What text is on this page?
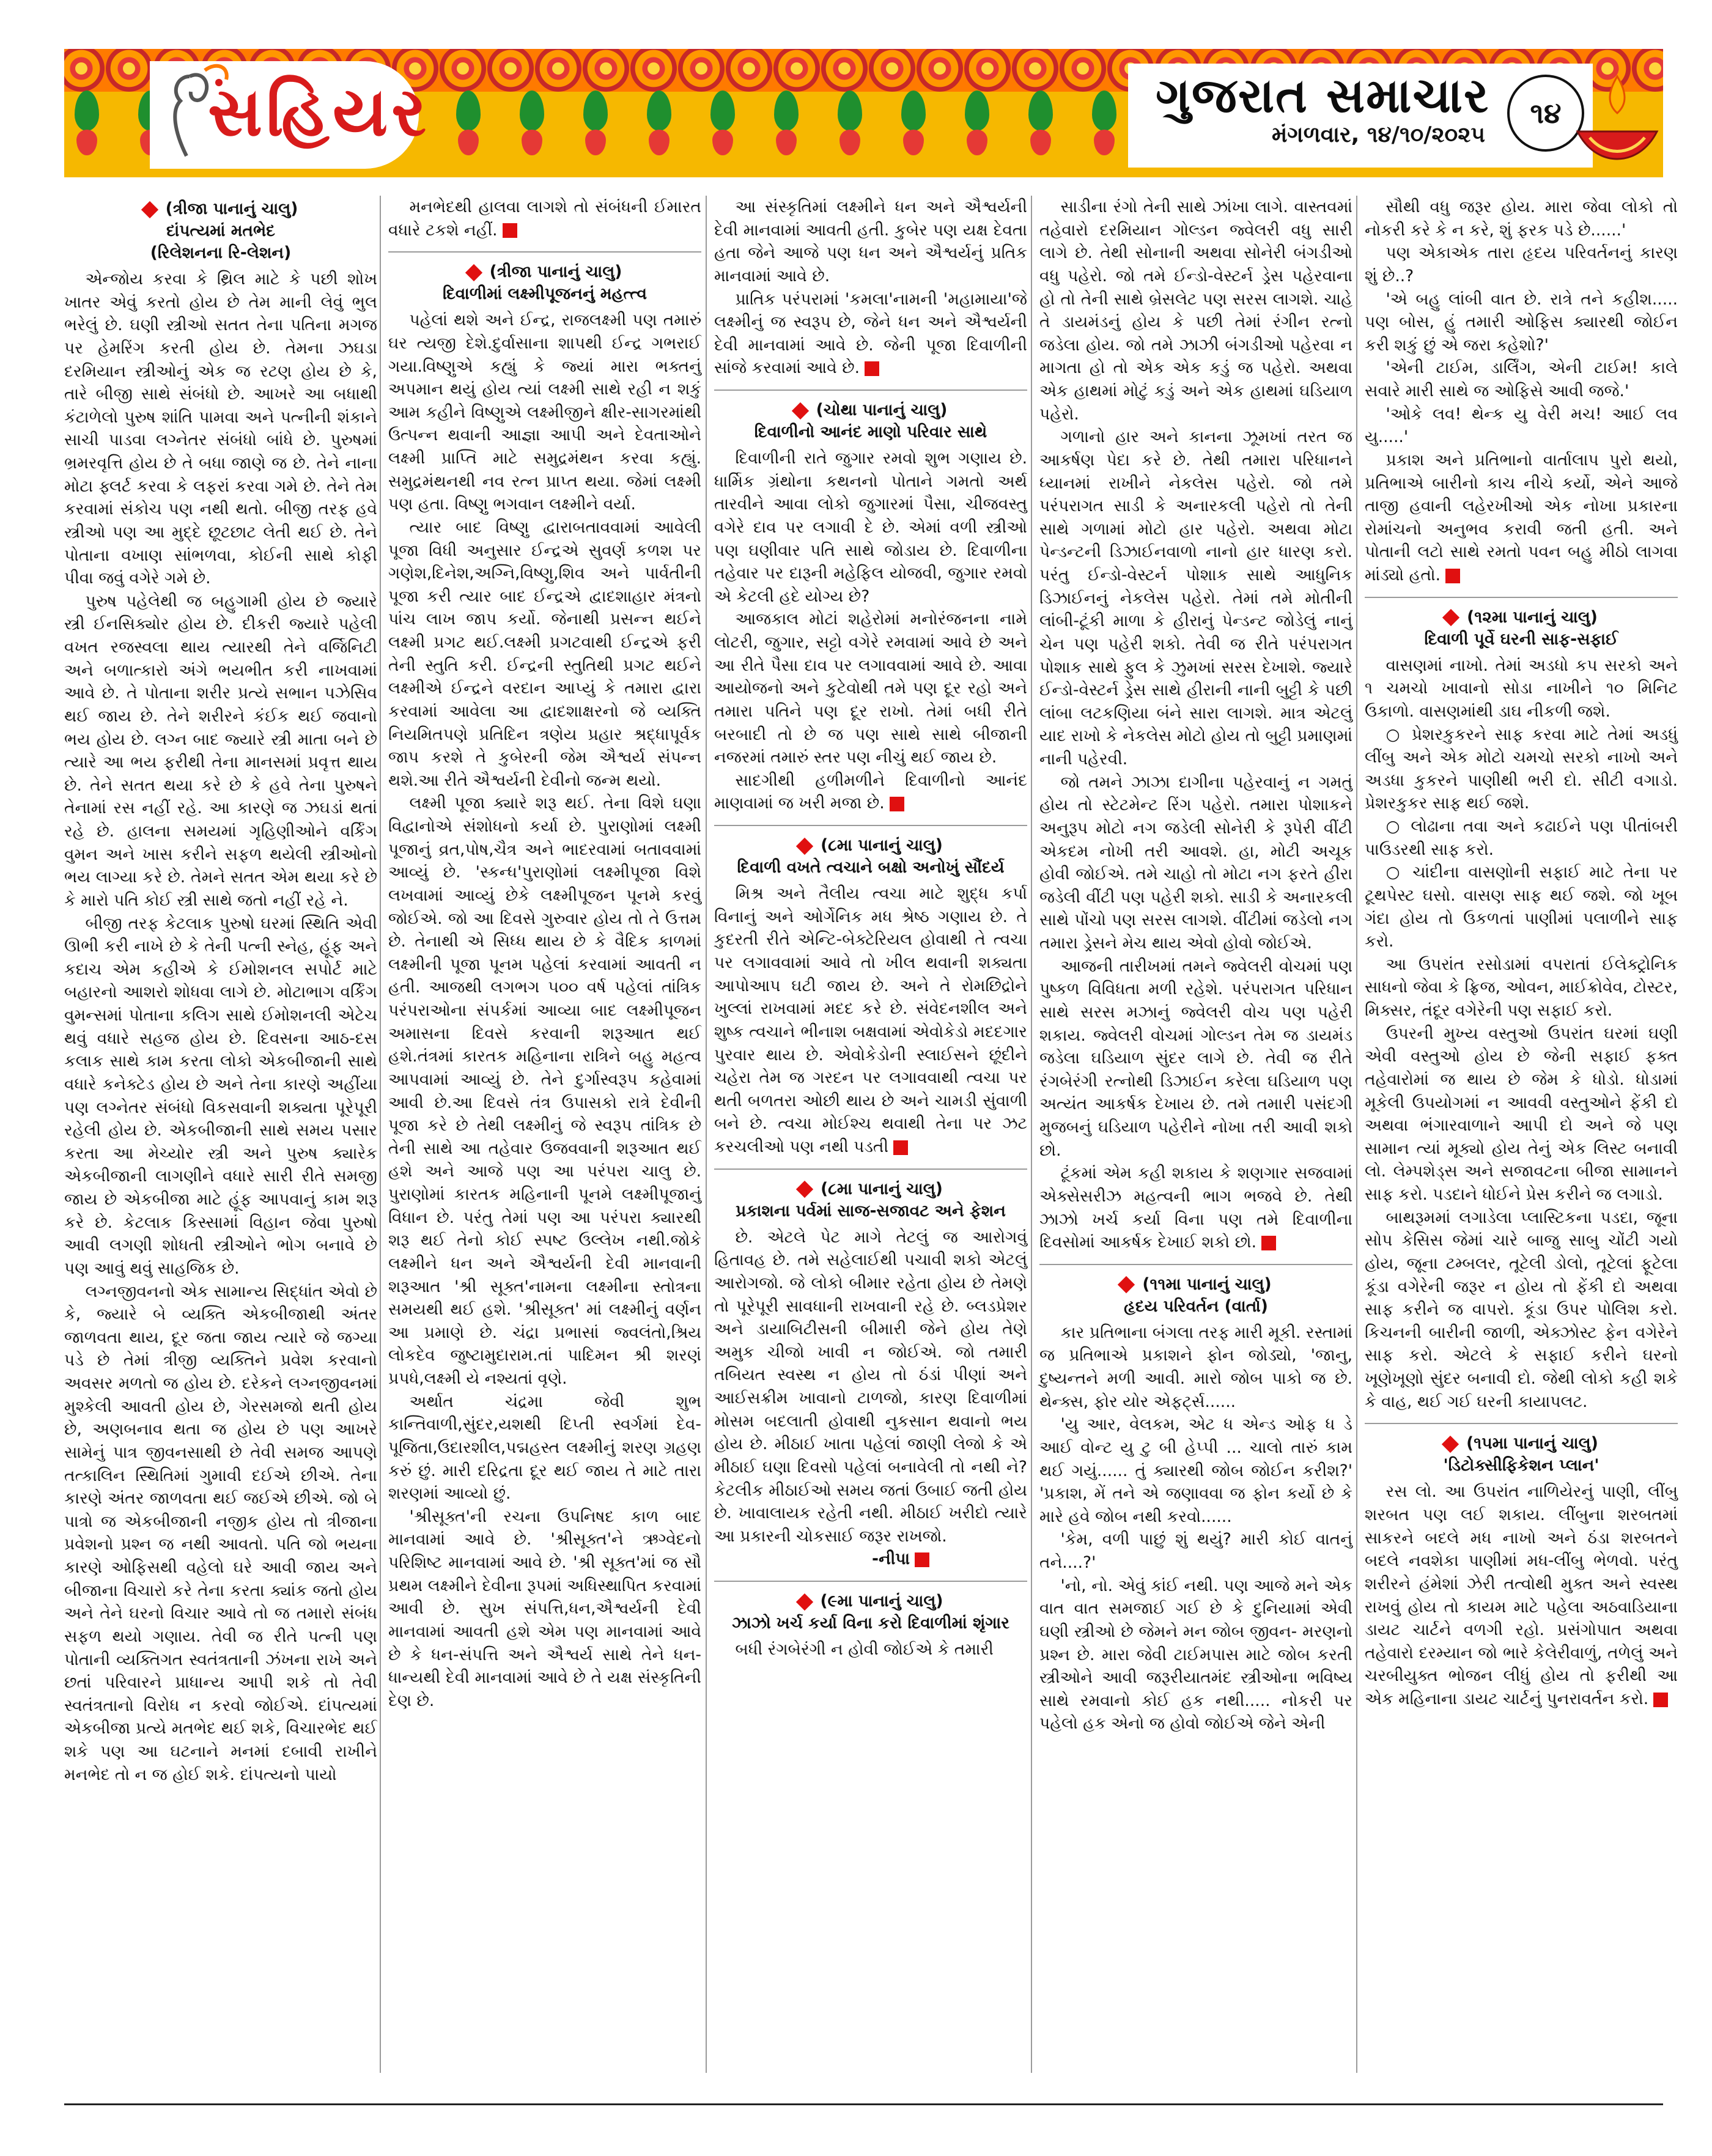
સહિયર	ગુજરાત સમાચાર
મંગળવાર, ૧૪/૧૦/૨૦૨૫
૧૪
(ત્રીજા પાનાનું ચાલુ)
દાંપત્યમાં મતભેદ
(રિલેશનના રિ-લેશન)

એન્જોય કરવા કે થ્રિલ માટે કે પછી શોખ ખાતર એવું કરતો હોય છે તેમ માની લેવું ભુલ ભરેલું છે. ઘણી સ્ત્રીઓ સતત તેના પતિના મગજ પર હેમરિંગ કરતી હોય છે. તેમના ઝઘડા દરમિયાન સ્ત્રીઓનું એક જ રટણ હોય છે કે, તારે બીજી સાથે સંબંધો છે. આખરે આ બધાથી કંટાળેલો પુરુષ શાંતિ પામવા અને પત્નીની શંકાને સાચી પાડવા લગ્નેતર સંબંધો બાંધે છે. પુરુષમાં ભ્રમરવૃત્તિ હોય છે તે બધા જાણે જ છે. તેને નાના મોટા ફ્લર્ટ કરવા કે લફરાં કરવા ગમે છે. તેને તેમ કરવામાં સંકોચ પણ નથી થતો. બીજી તરફ હવે સ્ત્રીઓ પણ આ મુદ્દે છૂટછાટ લેતી થઈ છે. તેને પોતાના વખાણ સાંભળવા, કોઈની સાથે કોફી પીવા જવું વગેરે ગમે છે.

પુરુષ પહેલેથી જ બહુગામી હોય છે જ્યારે સ્ત્રી ઈનસિક્યોર હોય છે. દીકરી જ્યારે પહેલી વખત રજસ્વલા થાય ત્યારથી તેને વર્જિનિટી અને બળાત્કારો અંગે ભયભીત કરી નાખવામાં આવે છે. તે પોતાના શરીર પ્રત્યે સભાન પઝેસિવ થઈ જાય છે. તેને શરીરને કંઈક થઈ જવાનો ભય હોય છે. લગ્ન બાદ જ્યારે સ્ત્રી માતા બને છે ત્યારે આ ભય ફરીથી તેના માનસમાં પ્રવૃત્ત થાય છે. તેને સતત થયા કરે છે કે હવે તેના પુરુષને તેનામાં રસ નહીં રહે. આ કારણે જ ઝઘડાં થતાં રહે છે. હાલના સમયમાં ગૃહિણીઓને વર્કિંગ વુમન અને ખાસ કરીને સફળ થયેલી સ્ત્રીઓનો ભય લાગ્યા કરે છે. તેમને સતત એમ થયા કરે છે કે મારો પતિ કોઈ સ્ત્રી સાથે જતો નહીં રહે ને.

બીજી તરફ કેટલાક પુરુષો ઘરમાં સ્થિતિ એવી ઊભી કરી નાખે છે કે તેની પત્ની સ્નેહ, હૂંફ અને કદાચ એમ કહીએ કે ઈમોશનલ સપોર્ટ માટે બહારનો આશરો શોધવા લાગે છે. મોટાભાગ વર્કિંગ વુમન્સમાં પોતાના કલિગ સાથે ઈમોશનલી એટેચ થવું વધારે સહજ હોય છે. દિવસના આઠ-દસ કલાક સાથે કામ કરતા લોકો એકબીજાની સાથે વધારે કનેક્ટેડ હોય છે અને તેના કારણે અહીંયા પણ લગ્નેતર સંબંધો વિકસવાની શક્યતા પૂરેપૂરી રહેલી હોય છે. એકબીજાની સાથે સમય પસાર કરતા આ મેચ્યોર સ્ત્રી અને પુરુષ ક્યારેક એકબીજાની લાગણીને વધારે સારી રીતે સમજી જાય છે એકબીજા માટે હૂંફ આપવાનું કામ શરૂ કરે છે. કેટલાક કિસ્સામાં વિહાન જેવા પુરુષો આવી લગણી શોધતી સ્ત્રીઓને ભોગ બનાવે છે પણ આવું થવું સાહજિક છે.

લગ્નજીવનનો એક સામાન્ય સિદ્ધાંત એવો છે કે, જ્યારે બે વ્યક્તિ એકબીજાથી અંતર જાળવતા થાય, દૂર જતા જાય ત્યારે જે જગ્યા પડે છે તેમાં ત્રીજી વ્યક્તિને પ્રવેશ કરવાનો અવસર મળતો જ હોય છે. દરેકને લગ્નજીવનમાં મુશ્કેલી આવતી હોય છે, ગેરસમજો થતી હોય છે, અણબનાવ થતા જ હોય છે પણ આખરે સામેનું પાત્ર જીવનસાથી છે તેવી સમજ આપણે તત્કાલિન સ્થિતિમાં ગુમાવી દઈએ છીએ. તેના કારણે અંતર જાળવતા થઈ જઈએ છીએ. જો બે પાત્રો જ એકબીજાની નજીક હોય તો ત્રીજાના પ્રવેશનો પ્રશ્ન જ નથી આવતો. પતિ જો ભયના કારણે ઓફિસથી વહેલો ઘરે આવી જાય અને બીજાના વિચારો કરે તેના કરતા ક્યાંક જતો હોય અને તેને ઘરનો વિચાર આવે તો જ તમારો સંબંધ સફળ થયો ગણાય. તેવી જ રીતે પત્ની પણ પોતાની વ્યક્તિગત સ્વતંત્રતાની ઝંખના રાખે અને છતાં પરિવારને પ્રાધાન્ય આપી શકે તો તેવી સ્વતંત્રતાનો વિરોધ ન કરવો જોઈએ. દાંપત્યમાં એકબીજા પ્રત્યે મતભેદ થઈ શકે, વિચારભેદ થઈ શકે પણ આ ઘટનાને મનમાં દબાવી રાખીને મનભેદ તો ન જ હોઈ શકે. દાંપત્યનો પાયો

મનભેદથી હાલવા લાગશે તો સંબંધની ઈમારત વધારે ટકશે નહીં.

(ત્રીજા પાનાનું ચાલુ)
દિવાળીમાં લક્ષ્મીપૂજનનું મહત્ત્વ

પહેલાં થશે અને ઈન્દ્ર, રાજલક્ષ્મી પણ તમારું ઘર ત્યજી દેશે.દુર્વાસાના શાપથી ઈન્દ્ર ગભરાઈ ગયા.વિષ્ણુએ કહ્યું કે જ્યાં મારા ભક્તનું અપમાન થયું હોય ત્યાં લક્ષ્મી સાથે રહી ન શકું આમ કહીને વિષ્ણુએ લક્ષ્મીજીને ક્ષીર-સાગરમાંથી ઉત્પન્ન થવાની આજ્ઞા આપી અને દેવતાઓને લક્ષ્મી પ્રાપ્તિ માટે સમુદ્રમંથન કરવા કહ્યું. સમુદ્રમંથનથી નવ રત્ન પ્રાપ્ત થયા. જેમાં લક્ષ્મી પણ હતા. વિષ્ણુ ભગવાન લક્ષ્મીને વર્યા.

ત્યાર બાદ વિષ્ણુ દ્વારાબતાવવામાં આવેલી પૂજા વિધી અનુસાર ઈન્દ્રએ સુવર્ણ કળશ પર ગણેશ,દિનેશ,અગ્નિ,વિષ્ણુ,શિવ અને પાર્વતીની પૂજા કરી ત્યાર બાદ ઈન્દ્રએ દ્વાદશાહાર મંત્રનો પાંચ લાખ જાપ કર્યો. જેનાથી પ્રસન્ન થઈને લક્ષ્મી પ્રગટ થઈ.લક્ષ્મી પ્રગટવાથી ઈન્દ્રએ ફરી તેની સ્તુતિ કરી. ઈન્દ્રની સ્તુતિથી પ્રગટ થઈને લક્ષ્મીએ ઈન્દ્રને વરદાન આપ્યું કે તમારા દ્વારા કરવામાં આવેલા આ દ્વાદશાક્ષરનો જે વ્યક્તિ નિયમિતપણે પ્રતિદિન ત્રણેય પ્રહાર શ્રદ્ધાપૂર્વક જાપ કરશે તે કુબેરની જેમ ઐશ્વર્ય સંપન્ન થશે.આ રીતે ઐશ્વર્યની દેવીનો જન્મ થયો.

લક્ષ્મી પૂજા ક્યારે શરૂ થઈ. તેના વિશે ઘણા વિદ્વાનોએ સંશોધનો કર્યા છે. પુરાણોમાં લક્ષ્મી પૂજાનું વ્રત,પોષ,ચૈત્ર અને ભાદરવામાં બતાવવામાં આવ્યું છે. 'સ્કન્ધ'પુરાણોમાં લક્ષ્મીપૂજા વિશે લખવામાં આવ્યું છેકે લક્ષ્મીપૂજન પૂનમે કરવું જોઈએ. જો આ દિવસે ગુરુવાર હોય તો તે ઉત્તમ છે. તેનાથી એ સિધ્ધ થાય છે કે વૈદિક કાળમાં લક્ષ્મીની પૂજા પૂનમ પહેલાં કરવામાં આવતી ન હતી. આજથી લગભગ ૫૦૦ વર્ષ પહેલાં તાંત્રિક પરંપરાઓના સંપર્કમાં આવ્યા બાદ લક્ષ્મીપૂજન અમાસના દિવસે કરવાની શરૂઆત થઈ હશે.તંત્રમાં કારતક મહિનાના રાત્રિને બહુ મહત્વ આપવામાં આવ્યું છે. તેને દુર્ગાસ્વરૂપ કહેવામાં આવી છે.આ દિવસે તંત્ર ઉપાસકો રાત્રે દેવીની પૂજા કરે છે તેથી લક્ષ્મીનું જે સ્વરૂપ તાંત્રિક છે તેની સાથે આ તહેવાર ઉજવવાની શરૂઆત થઈ હશે અને આજે પણ આ પરંપરા ચાલુ છે. પુરાણોમાં કારતક મહિનાની પૂનમે લક્ષ્મીપૂજાનું વિધાન છે. પરંતુ તેમાં પણ આ પરંપરા ક્યારથી શરૂ થઈ તેનો કોઈ સ્પષ્ટ ઉલ્લેખ નથી.જોકે લક્ષ્મીને ધન અને ઐશ્વર્યની દેવી માનવાની શરૂઆત 'શ્રી સૂક્ત'નામના લક્ષ્મીના સ્તોત્રના સમયથી થઈ હશે. 'શ્રીસૂક્ત' માં લક્ષ્મીનું વર્ણન આ પ્રમાણે છે. ચંદ્રા પ્રભાસાં જ્વલંતો,શ્રિય લોકદેવ જુષ્ટામુદારામ.તાં પાદિમન શ્રી શરણં પ્રપધે,લક્ષ્મી યે નશ્યતાં વૃણે.

અર્થાત ચંદ્રમા જેવી શુભ કાન્તિવાળી,સુંદર,યશથી દિપ્તી સ્વર્ગમાં દેવ-પૂજિતા,ઉદારશીલ,પદ્મહસ્ત લક્ષ્મીનું શરણ ગ્રહણ કરું છું. મારી દરિદ્રતા દૂર થઈ જાય તે માટે તારા શરણમાં આવ્યો છું.

'શ્રીસૂક્ત'ની રચના ઉપનિષદ કાળ બાદ માનવામાં આવે છે. 'શ્રીસૂક્ત'ને ઋગ્વેદનો પરિશિષ્ટ માનવામાં આવે છે. 'શ્રી સૂક્ત'માં જ સૌ પ્રથમ લક્ષ્મીને દેવીના રૂપમાં અધિસ્થાપિત કરવામાં આવી છે. સુખ સંપત્તિ,ધન,ઐશ્વર્યની દેવી માનવામાં આવતી હશે એમ પણ માનવામાં આવે છે કે ધન-સંપત્તિ અને ઐશ્વર્ય સાથે તેને ધન-ધાન્યથી દેવી માનવામાં આવે છે તે યક્ષ સંસ્કૃતિની દેણ છે.

આ સંસ્કૃતિમાં લક્ષ્મીને ધન અને ઐશ્વર્યની દેવી માનવામાં આવતી હતી. કુબેર પણ યક્ષ દેવતા હતા જેને આજે પણ ધન અને ઐશ્વર્યનું પ્રતિક માનવામાં આવે છે.

પ્રાતિક પરંપરામાં 'કમલા'નામની 'મહામાયા'જે લક્ષ્મીનું જ સ્વરૂપ છે, જેને ધન અને ઐશ્વર્યની દેવી માનવામાં આવે છે. જેની પૂજા દિવાળીની સાંજે કરવામાં આવે છે.

(ચોથા પાનાનું ચાલુ)
દિવાળીનો આનંદ માણો પરિવાર સાથે

દિવાળીની રાતે જુગાર રમવો શુભ ગણાય છે. ધાર્મિક ગ્રંથોના કથનનો પોતાને ગમતો અર્થ તારવીને આવા લોકો જુગારમાં પૈસા, ચીજવસ્તુ વગેરે દાવ પર લગાવી દે છે. એમાં વળી સ્ત્રીઓ પણ ઘણીવાર પતિ સાથે જોડાય છે. દિવાળીના તહેવાર પર દારૂની મહેફિલ યોજવી, જુગાર રમવો એ કેટલી હદે યોગ્ય છે?

આજકાલ મોટાં શહેરોમાં મનોરંજનના નામે લોટરી, જુગાર, સટ્ટો વગેરે રમવામાં આવે છે અને આ રીતે પૈસા દાવ પર લગાવવામાં આવે છે. આવા આયોજનો અને કુટેવોથી તમે પણ દૂર રહો અને તમારા પતિને પણ દૂર રાખો. તેમાં બધી રીતે બરબાદી તો છે જ પણ સાથે સાથે બીજાની નજરમાં તમારું સ્તર પણ નીચું થઈ જાય છે.

સાદગીથી હળીમળીને દિવાળીનો આનંદ માણવામાં જ ખરી મજા છે.

(૮મા પાનાનું ચાલુ)
દિવાળી વખતે ત્વચાને બક્ષો અનોખું સૌંદર્ય

મિશ્ર અને તૈલીય ત્વચા માટે શુદ્ધ કર્પા વિનાનું અને ઓર્ગેનિક મધ શ્રેષ્ઠ ગણાય છે. તે કુદરતી રીતે એન્ટિ-બેક્ટેરિયલ હોવાથી તે ત્વચા પર લગાવવામાં આવે તો ખીલ થવાની શક્યતા આપોઆપ ઘટી જાય છે. અને તે રોમછિદ્રોને ખુલ્લાં રાખવામાં મદદ કરે છે. સંવેદનશીલ અને શુષ્ક ત્વચાને ભીનાશ બક્ષવામાં એવોકેડો મદદગાર પુરવાર થાય છે. એવોકેડોની સ્લાઈસને છૂંદીને ચહેરા તેમ જ ગરદન પર લગાવવાથી ત્વચા પર થતી બળતરા ઓછી થાય છે અને ચામડી સુંવાળી બને છે. ત્વચા મોઈશ્ચ થવાથી તેના પર ઝટ કરચલીઓ પણ નથી પડતી

(૮મા પાનાનું ચાલુ)
પ્રકાશના પર્વમાં સાજ-સજાવટ અને ફેશન

છે. એટલે પેટ માગે તેટલું જ આરોગવું હિતાવહ છે. તમે સહેલાઈથી પચાવી શકો એટલું આરોગજો. જે લોકો બીમાર રહેતા હોય છે તેમણે તો પૂરેપૂરી સાવધાની રાખવાની રહે છે. બ્લડપ્રેશર અને ડાયાબિટીસની બીમારી જેને હોય તેણે અમુક ચીજો ખાવી ન જોઈએ. જો તમારી તબિયત સ્વસ્થ ન હોય તો ઠંડાં પીણાં અને આઈસક્રીમ ખાવાનો ટાળજો, કારણ દિવાળીમાં મોસમ બદલાતી હોવાથી નુકસાન થવાનો ભય હોય છે. મીઠાઈ ખાતા પહેલાં જાણી લેજો કે એ મીઠાઈ ઘણા દિવસો પહેલાં બનાવેલી તો નથી ને? કેટલીક મીઠાઈઓ સમય જતાં ઉબાઈ જતી હોય છે. ખાવાલાયક રહેતી નથી. મીઠાઈ ખરીદો ત્યારે આ પ્રકારની ચોકસાઈ જરૂર રાખજો.

-નીપા
(૯મા પાનાનું ચાલુ)
ઝાઝો ખર્ચ કર્યા વિના કરો દિવાળીમાં શૃંગાર

બધી રંગબેરંગી ન હોવી જોઈએ કે તમારી

સાડીના રંગો તેની સાથે ઝાંખા લાગે. વાસ્તવમાં તહેવારો દરમિયાન ગોલ્ડન જ્વેલરી વધુ સારી લાગે છે. તેથી સોનાની અથવા સોનેરી બંગડીઓ વધુ પહેરો. જો તમે ઈન્ડો-વેસ્ટર્ન ડ્રેસ પહેરવાના હો તો તેની સાથે બ્રેસલેટ પણ સરસ લાગશે. ચાહે તે ડાયમંડનું હોય કે પછી તેમાં રંગીન રત્નો જડેલા હોય. જો તમે ઝાઝી બંગડીઓ પહેરવા ન માગતા હો તો એક એક કડું જ પહેરો. અથવા એક હાથમાં મોટું કડું અને એક હાથમાં ઘડિયાળ પહેરો.

ગળાનો હાર અને કાનના ઝૂમખાં તરત જ આકર્ષણ પેદા કરે છે. તેથી તમારા પરિધાનને ધ્યાનમાં રાખીને નેકલેસ પહેરો. જો તમે પરંપરાગત સાડી કે અનારકલી પહેરો તો તેની સાથે ગળામાં મોટો હાર પહેરો. અથવા મોટા પેન્ડન્ટની ડિઝાઈનવાળો નાનો હાર ધારણ કરો. પરંતુ ઈન્ડો-વેસ્ટર્ન પોશાક સાથે આધુનિક ડિઝાઈનનું નેકલેસ પહેરો. તેમાં તમે મોતીની લાંબી-ટૂંકી માળા કે હીરાનું પેન્ડન્ટ જોડેલું નાનું ચેન પણ પહેરી શકો. તેવી જ રીતે પરંપરાગત પોશાક સાથે ફુલ કે ઝુમખાં સરસ દેખાશે. જ્યારે ઈન્ડો-વેસ્ટર્ન ડ્રેસ સાથે હીરાની નાની બુટ્ટી કે પછી લાંબા લટકણિયા બંને સારા લાગશે. માત્ર એટલું યાદ રાખો કે નેકલેસ મોટો હોય તો બુટ્ટી પ્રમાણમાં નાની પહેરવી.

જો તમને ઝાઝા દાગીના પહેરવાનું ન ગમતું હોય તો સ્ટેટમેન્ટ રિંગ પહેરો. તમારા પોશાકને અનુરૂપ મોટો નગ જડેલી સોનેરી કે રૂપેરી વીંટી એકદમ નોખી તરી આવશે. હા, મોટી અચૂક હોવી જોઈએ. તમે ચાહો તો મોટા નગ ફરતે હીરા જડેલી વીંટી પણ પહેરી શકો. સાડી કે અનારકલી સાથે પોંચો પણ સરસ લાગશે. વીંટીમાં જડેલો નગ તમારા ડ્રેસને મેચ થાય એવો હોવો જોઈએ.

આજની તારીખમાં તમને જ્વેલરી વોચમાં પણ પુષ્કળ વિવિધતા મળી રહેશે. પરંપરાગત પરિધાન સાથે સરસ મઝાનું જ્વેલરી વોચ પણ પહેરી શકાય. જ્વેલરી વોચમાં ગોલ્ડન તેમ જ ડાયમંડ જડેલા ઘડિયાળ સુંદર લાગે છે. તેવી જ રીતે રંગબેરંગી રત્નોથી ડિઝાઈન કરેલા ઘડિયાળ પણ અત્યંત આકર્ષક દેખાય છે. તમે તમારી પસંદગી મુજબનું ઘડિયાળ પહેરીને નોખા તરી આવી શકો છો.

ટૂંકમાં એમ કહી શકાય કે શણગાર સજવામાં એક્સેસરીઝ મહત્વની ભાગ ભજવે છે. તેથી ઝાઝો ખર્ચ કર્યા વિના પણ તમે દિવાળીના દિવસોમાં આકર્ષક દેખાઈ શકો છો.

(૧૧મા પાનાનું ચાલુ)
હૃદય પરિવર્તન (વાર્તા)

કાર પ્રતિભાના બંગલા તરફ મારી મૂકી. રસ્તામાં જ પ્રતિભાએ પ્રકાશને ફોન જોડ્યો, 'જાનુ, દુષ્યન્તને મળી આવી. મારો જોબ પાકો જ છે. થેન્ક્સ, ફોર યોર એફર્ટ્સ......

'યુ આર, વેલકમ, એટ ધ એન્ડ ઓફ ધ ડે આઈ વોન્ટ યુ ટુ બી હેપ્પી ... ચાલો તારું કામ થઈ ગયું...... તું ક્યારથી જોબ જોઈન કરીશ?' 'પ્રકાશ, મેં તને એ જણાવવા જ ફોન કર્યો છે કે મારે હવે જોબ નથી કરવો......

'કેમ, વળી પાછું શું થયું? મારી કોઈ વાતનું તને....?'

'નો, નો. એવું કાંઈ નથી. પણ આજે મને એક વાત વાત સમજાઈ ગઈ છે કે દુનિયામાં એવી ઘણી સ્ત્રીઓ છે જેમને મન જોબ જીવન- મરણનો પ્રશ્ન છે. મારા જેવી ટાઈમપાસ માટે જોબ કરતી સ્ત્રીઓને આવી જરૂરીયાતમંદ સ્ત્રીઓના ભવિષ્ય સાથે રમવાનો કોઈ હક નથી..... નોકરી પર પહેલો હક એનો જ હોવો જોઈએ જેને એની

સૌથી વધુ જરૂર હોય. મારા જેવા લોકો તો નોકરી કરે કે ન કરે, શું ફરક પડે છે......'

પણ એકાએક તારા હૃદય પરિવર્તનનું કારણ શું છે..?

'એ બહુ લાંબી વાત છે. રાત્રે તને કહીશ..... પણ બોસ, હું તમારી ઓફિસ ક્યારથી જોઈન કરી શકું છું એ જરા કહેશો?'

'એની ટાઈમ, ડાર્લિંગ, એની ટાઈમ! કાલે સવારે મારી સાથે જ ઓફિસે આવી જજે.'

'ઓકે લવ! થેન્ક યુ વેરી મચ! આઈ લવ યુ.....'

પ્રકાશ અને પ્રતિભાનો વાર્તાલાપ પુરો થયો, પ્રતિભાએ બારીનો કાચ નીચે કર્યો, એને આજે તાજી હવાની લહેરખીઓ એક નોખા પ્રકારના રોમાંચનો અનુભવ કરાવી જતી હતી. અને પોતાની લટો સાથે રમતો પવન બહુ મીઠો લાગવા માંડ્યો હતો.

(૧૨મા પાનાનું ચાલુ)
દિવાળી પૂર્વે ઘરની સાફ-સફાઈ

વાસણમાં નાખો. તેમાં અડધો કપ સરકો અને ૧ ચમચો ખાવાનો સોડા નાખીને ૧૦ મિનિટ ઉકાળો. વાસણમાંથી ડાઘ નીકળી જશે.

○ પ્રેશરકુકરને સાફ કરવા માટે તેમાં અડધું લીંબુ અને એક મોટો ચમચો સરકો નાખો અને અડધા કુકરને પાણીથી ભરી દો. સીટી વગાડો. પ્રેશરકુકર સાફ થઈ જશે.

○ લોઢાના તવા અને કઢાઈને પણ પીતાંબરી પાઉડરથી સાફ કરો.

○ ચાંદીના વાસણોની સફાઈ માટે તેના પર ટૂથપેસ્ટ ઘસો. વાસણ સાફ થઈ જશે. જો ખૂબ ગંદા હોય તો ઉકળતાં પાણીમાં પલાળીને સાફ કરો.

આ ઉપરાંત રસોડામાં વપરાતાં ઈલેક્ટ્રોનિક સાધનો જેવા કે ફ્રિજ, ઓવન, માઈક્રોવેવ, ટોસ્ટર, મિક્સર, તંદૂર વગેરેની પણ સફાઈ કરો.

ઉપરની મુખ્ય વસ્તુઓ ઉપરાંત ઘરમાં ઘણી એવી વસ્તુઓ હોય છે જેની સફાઈ ફક્ત તહેવારોમાં જ થાય છે જેમ કે ધોડો. ધોડામાં મૂકેલી ઉપયોગમાં ન આવવી વસ્તુઓને ફેંકી દો અથવા ભંગારવાળાને આપી દો અને જે પણ સામાન ત્યાં મૂક્યો હોય તેનું એક લિસ્ટ બનાવી લો. લેમ્પશેડ્સ અને સજાવટના બીજા સામાનને સાફ કરો. પડદાને ધોઈને પ્રેસ કરીને જ લગાડો.

બાથરૂમમાં લગાડેલા પ્લાસ્ટિકના પડદા, જૂના સોપ કેસિસ જેમાં ચારે બાજુ સાબુ ચોંટી ગયો હોય, જૂના ટમ્બલર, તૂટેલી ડોલો, તૂટેલાં ફૂટેલા કૂંડા વગેરેની જરૂર ન હોય તો ફેંકી દો અથવા સાફ કરીને જ વાપરો. કૂંડા ઉપર પોલિશ કરો. કિચનની બારીની જાળી, એક્ઝોસ્ટ ફેન વગેરેને સાફ કરો. એટલે કે સફાઈ કરીને ઘરનો ખૂણેખૂણો સુંદર બનાવી દો. જેથી લોકો કહી શકે કે વાહ, થઈ ગઈ ઘરની કાયાપલટ.

(૧૫મા પાનાનું ચાલુ)
'ડિટોક્સીફિકેશન પ્લાન'

રસ લો. આ ઉપરાંત નાળિયેરનું પાણી, લીંબુ શરબત પણ લઈ શકાય. લીંબુના શરબતમાં સાકરને બદલે મધ નાખો અને ઠંડા શરબતને બદલે નવશેકા પાણીમાં મધ-લીંબુ ભેળવો. પરંતુ શરીરને હંમેશાં ઝેરી તત્વોથી મુક્ત અને સ્વસ્થ રાખવું હોય તો કાયમ માટે પહેલા અઠવાડિયાના ડાયટ ચાર્ટને વળગી રહો. પ્રસંગોપાત અથવા તહેવારો દરમ્યાન જો ભારે કેલેરીવાળું, તળેલું અને ચરબીયુક્ત ભોજન લીધું હોય તો ફરીથી આ એક મહિનાના ડાયટ ચાર્ટનું પુનરાવર્તન કરો.
